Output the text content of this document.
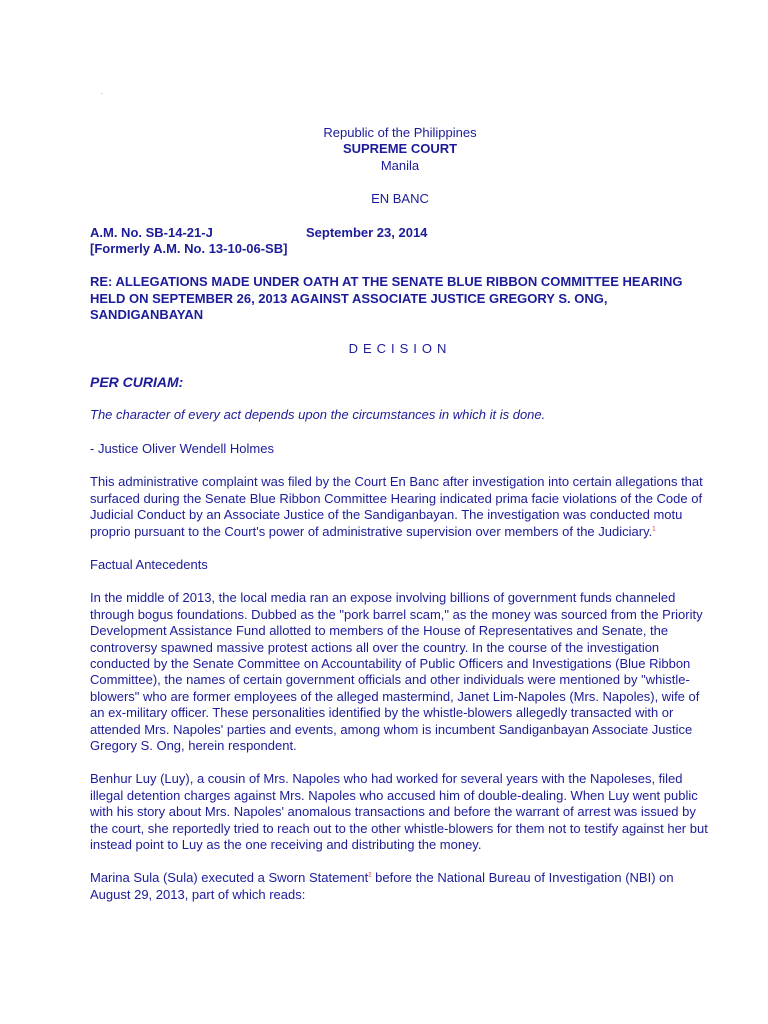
Republic of the Philippines
SUPREME COURT
Manila
EN BANC
A.M. No. SB-14-21-J	September 23, 2014
[Formerly A.M. No. 13-10-06-SB]
RE: ALLEGATIONS MADE UNDER OATH AT THE SENATE BLUE RIBBON COMMITTEE HEARING HELD ON SEPTEMBER 26, 2013 AGAINST ASSOCIATE JUSTICE GREGORY S. ONG, SANDIGANBAYAN
DECISION
PER CURIAM:

The character of every act depends upon the circumstances in which it is done.

- Justice Oliver Wendell Holmes

This administrative complaint was filed by the Court En Banc after investigation into certain allegations that surfaced during the Senate Blue Ribbon Committee Hearing indicated prima facie violations of the Code of Judicial Conduct by an Associate Justice of the Sandiganbayan. The investigation was conducted motu proprio pursuant to the Court's power of administrative supervision over members of the Judiciary.$^1$

Factual Antecedents

In the middle of 2013, the local media ran an expose involving billions of government funds channeled through bogus foundations. Dubbed as the "pork barrel scam," as the money was sourced from the Priority Development Assistance Fund allotted to members of the House of Representatives and Senate, the controversy spawned massive protest actions all over the country. In the course of the investigation conducted by the Senate Committee on Accountability of Public Officers and Investigations (Blue Ribbon Committee), the names of certain government officials and other individuals were mentioned by "whistle-blowers" who are former employees of the alleged mastermind, Janet Lim-Napoles (Mrs. Napoles), wife of an ex-military officer. These personalities identified by the whistle-blowers allegedly transacted with or attended Mrs. Napoles' parties and events, among whom is incumbent Sandiganbayan Associate Justice Gregory S. Ong, herein respondent.

Benhur Luy (Luy), a cousin of Mrs. Napoles who had worked for several years with the Napoleses, filed illegal detention charges against Mrs. Napoles who accused him of double-dealing. When Luy went public with his story about Mrs. Napoles' anomalous transactions and before the warrant of arrest was issued by the court, she reportedly tried to reach out to the other whistle-blowers for them not to testify against her but instead point to Luy as the one receiving and distributing the money.

Marina Sula (Sula) executed a Sworn Statement$^2$ before the National Bureau of Investigation (NBI) on August 29, 2013, part of which reads:
